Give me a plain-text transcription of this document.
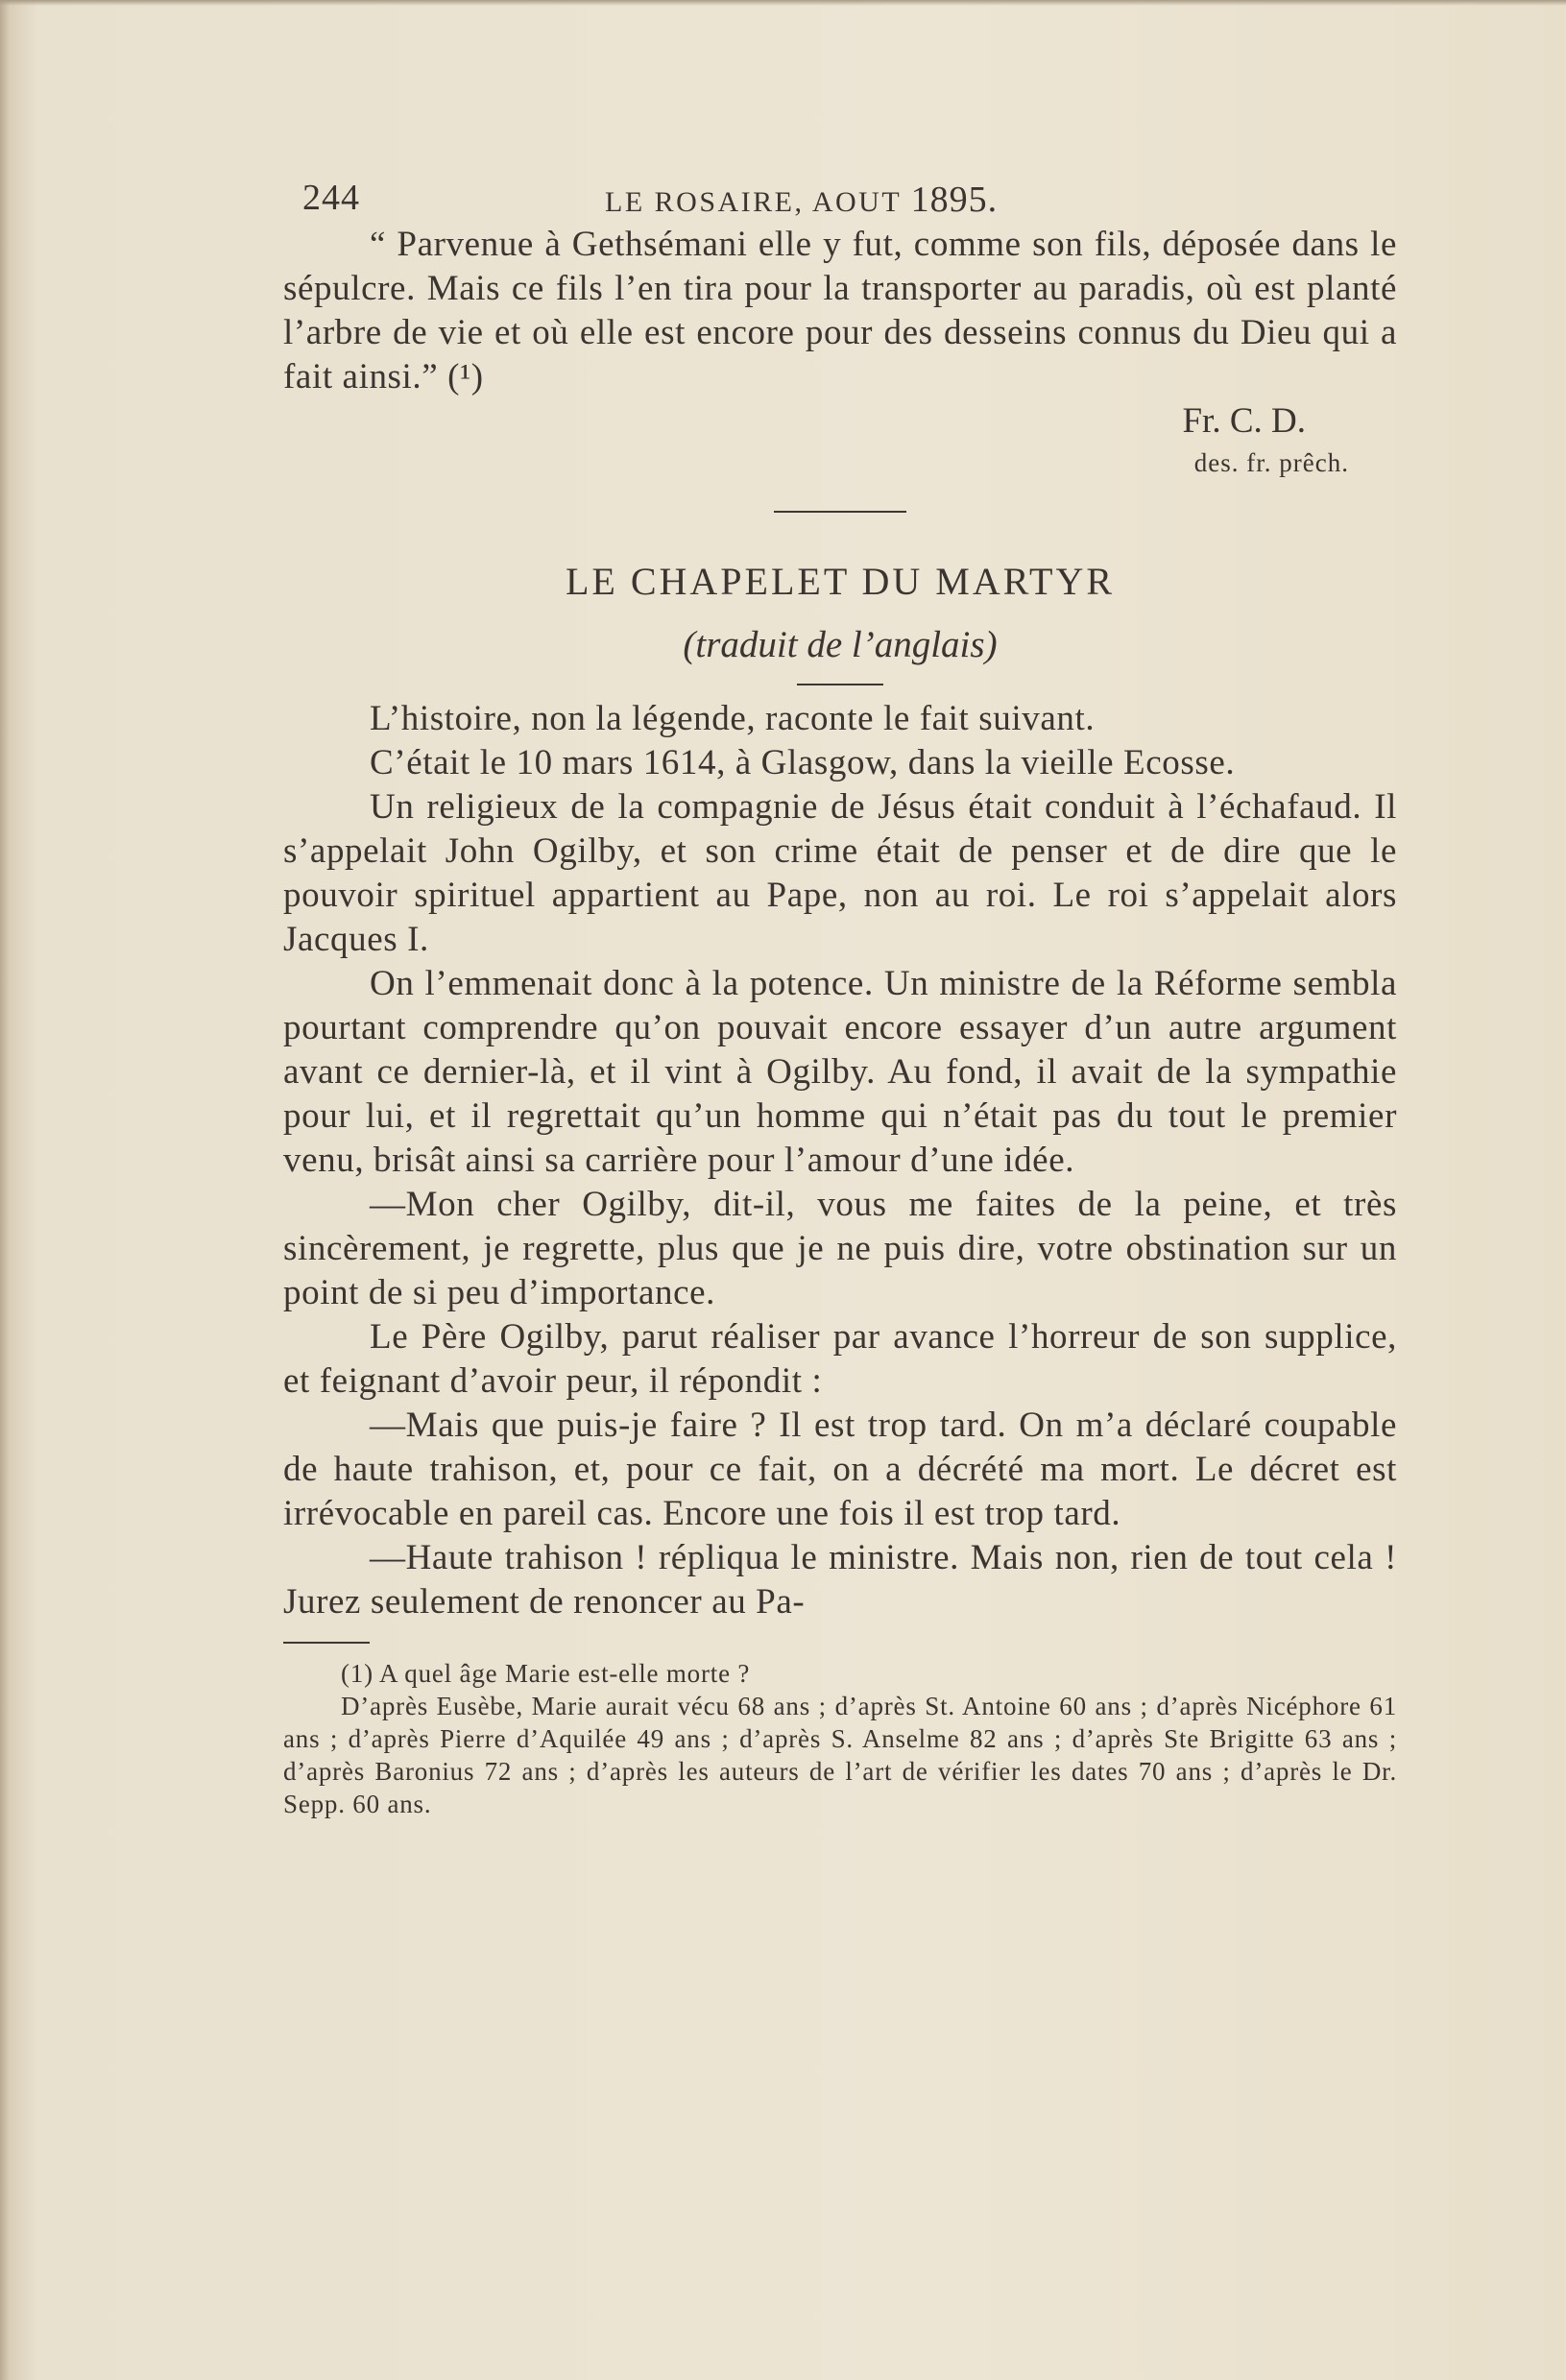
244	LE ROSAIRE, AOUT 1895.

“ Parvenue à Gethsémani elle y fut, comme son fils, déposée dans le sépulcre. Mais ce fils l’en tira pour la transporter au paradis, où est planté l’arbre de vie et où elle est encore pour des desseins connus du Dieu qui a fait ainsi.” (¹)

Fr. C. D.

des. fr. prêch.

LE CHAPELET DU MARTYR

(traduit de l’anglais)

L’histoire, non la légende, raconte le fait suivant.

C’était le 10 mars 1614, à Glasgow, dans la vieille Ecosse.

Un religieux de la compagnie de Jésus était conduit à l’échafaud. Il s’appelait John Ogilby, et son crime était de penser et de dire que le pouvoir spirituel appartient au Pape, non au roi. Le roi s’appelait alors Jacques I.

On l’emmenait donc à la potence. Un ministre de la Réforme sembla pourtant comprendre qu’on pouvait encore essayer d’un autre argument avant ce dernier-là, et il vint à Ogilby. Au fond, il avait de la sympathie pour lui, et il regrettait qu’un homme qui n’était pas du tout le premier venu, brisât ainsi sa carrière pour l’amour d’une idée.

—Mon cher Ogilby, dit-il, vous me faites de la peine, et très sincèrement, je regrette, plus que je ne puis dire, votre obstination sur un point de si peu d’importance.

Le Père Ogilby, parut réaliser par avance l’horreur de son supplice, et feignant d’avoir peur, il répondit :

—Mais que puis-je faire ? Il est trop tard. On m’a déclaré coupable de haute trahison, et, pour ce fait, on a décrété ma mort. Le décret est irrévocable en pareil cas. Encore une fois il est trop tard.

—Haute trahison ! répliqua le ministre. Mais non, rien de tout cela ! Jurez seulement de renoncer au Pa-

(1) A quel âge Marie est-elle morte ?

D’après Eusèbe, Marie aurait vécu 68 ans ; d’après St. Antoine 60 ans ; d’après Nicéphore 61 ans ; d’après Pierre d’Aquilée 49 ans ; d’après S. Anselme 82 ans ; d’après Ste Brigitte 63 ans ; d’après Baronius 72 ans ; d’après les auteurs de l’art de vérifier les dates 70 ans ; d’après le Dr. Sepp. 60 ans.
